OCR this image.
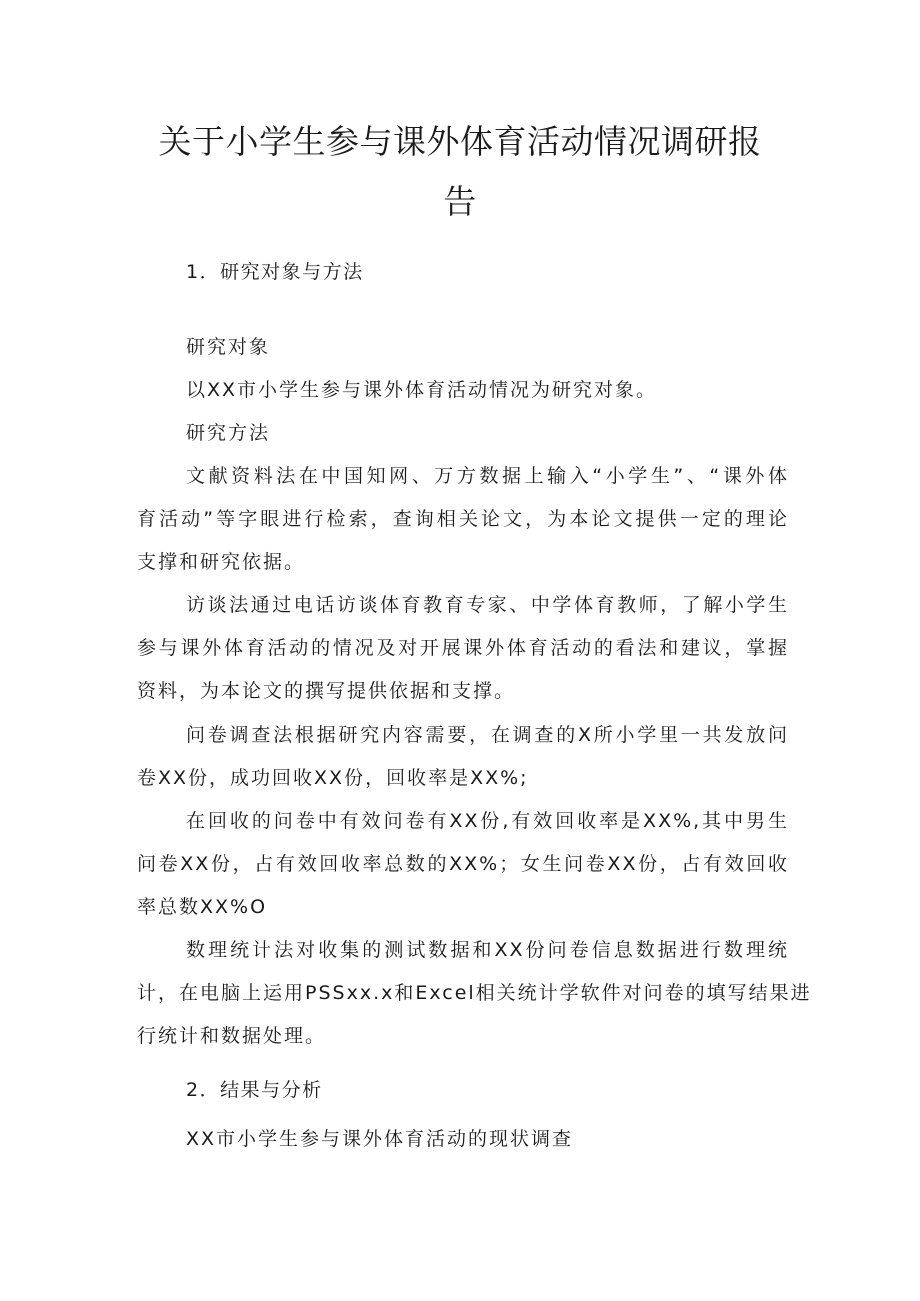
关于小学生参与课外体育活动情况调研报
告

1．研究对象与方法

研究对象

以XX市小学生参与课外体育活动情况为研究对象。

研究方法

文献资料法在中国知网、万方数据上输入“小学生”、“课外体

育活动”等字眼进行检索，查询相关论文，为本论文提供一定的理论

支撑和研究依据。

访谈法通过电话访谈体育教育专家、中学体育教师，了解小学生

参与课外体育活动的情况及对开展课外体育活动的看法和建议，掌握

资料，为本论文的撰写提供依据和支撑。

问卷调查法根据研究内容需要，在调查的X所小学里一共发放问

卷XX份，成功回收XX份，回收率是XX%;

在回收的问卷中有效问卷有XX份,有效回收率是XX%,其中男生

问卷XX份，占有效回收率总数的XX%；女生问卷XX份，占有效回收

率总数XX%O

数理统计法对收集的测试数据和XX份问卷信息数据进行数理统

计，在电脑上运用PSSxx.x和Excel相关统计学软件对问卷的填写结果进

行统计和数据处理。

2．结果与分析

XX市小学生参与课外体育活动的现状调查
